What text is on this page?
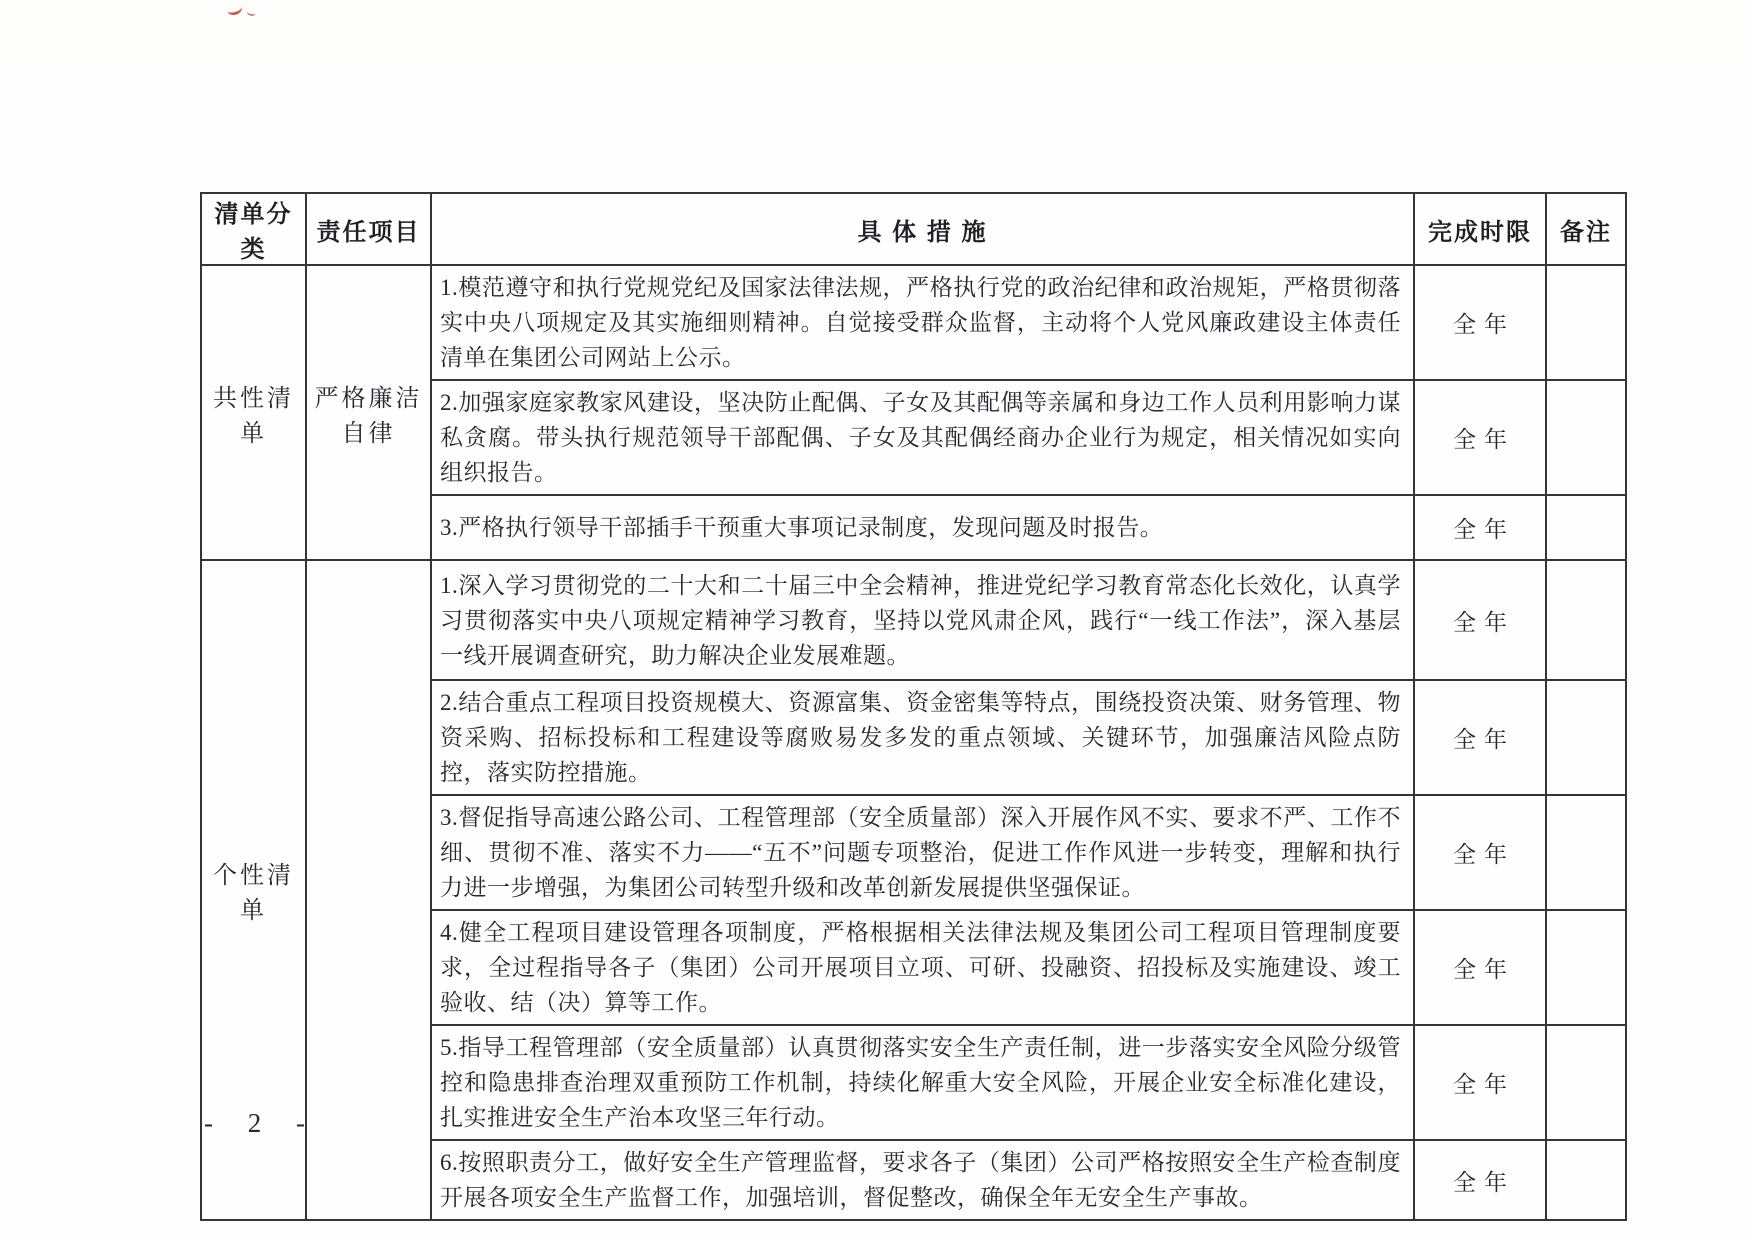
清单分类	责任项目	具 体 措 施	完成时限	备注
共性清单	严格廉洁自律	1.模范遵守和执行党规党纪及国家法律法规，严格执行党的政治纪律和政治规矩，严格贯彻落实中央八项规定及其实施细则精神。自觉接受群众监督，主动将个人党风廉政建设主体责任清单在集团公司网站上公示。	全年	
		2.加强家庭家教家风建设，坚决防止配偶、子女及其配偶等亲属和身边工作人员利用影响力谋私贪腐。带头执行规范领导干部配偶、子女及其配偶经商办企业行为规定，相关情况如实向组织报告。	全年	
		3.严格执行领导干部插手干预重大事项记录制度，发现问题及时报告。	全年	
个性清单		1.深入学习贯彻党的二十大和二十届三中全会精神，推进党纪学习教育常态化长效化，认真学习贯彻落实中央八项规定精神学习教育，坚持以党风肃企风，践行“一线工作法”，深入基层一线开展调查研究，助力解决企业发展难题。	全年	
		2.结合重点工程项目投资规模大、资源富集、资金密集等特点，围绕投资决策、财务管理、物资采购、招标投标和工程建设等腐败易发多发的重点领域、关键环节，加强廉洁风险点防控，落实防控措施。	全年	
		3.督促指导高速公路公司、工程管理部（安全质量部）深入开展作风不实、要求不严、工作不细、贯彻不准、落实不力——“五不”问题专项整治，促进工作作风进一步转变，理解和执行力进一步增强，为集团公司转型升级和改革创新发展提供坚强保证。	全年	
		4.健全工程项目建设管理各项制度，严格根据相关法律法规及集团公司工程项目管理制度要求，全过程指导各子（集团）公司开展项目立项、可研、投融资、招投标及实施建设、竣工验收、结（决）算等工作。	全年	
		5.指导工程管理部（安全质量部）认真贯彻落实安全生产责任制，进一步落实安全风险分级管控和隐患排查治理双重预防工作机制，持续化解重大安全风险，开展企业安全标准化建设，扎实推进安全生产治本攻坚三年行动。	全年	
		6.按照职责分工，做好安全生产管理监督，要求各子（集团）公司严格按照安全生产检查制度开展各项安全生产监督工作，加强培训，督促整改，确保全年无安全生产事故。	全年	
- 2 -
